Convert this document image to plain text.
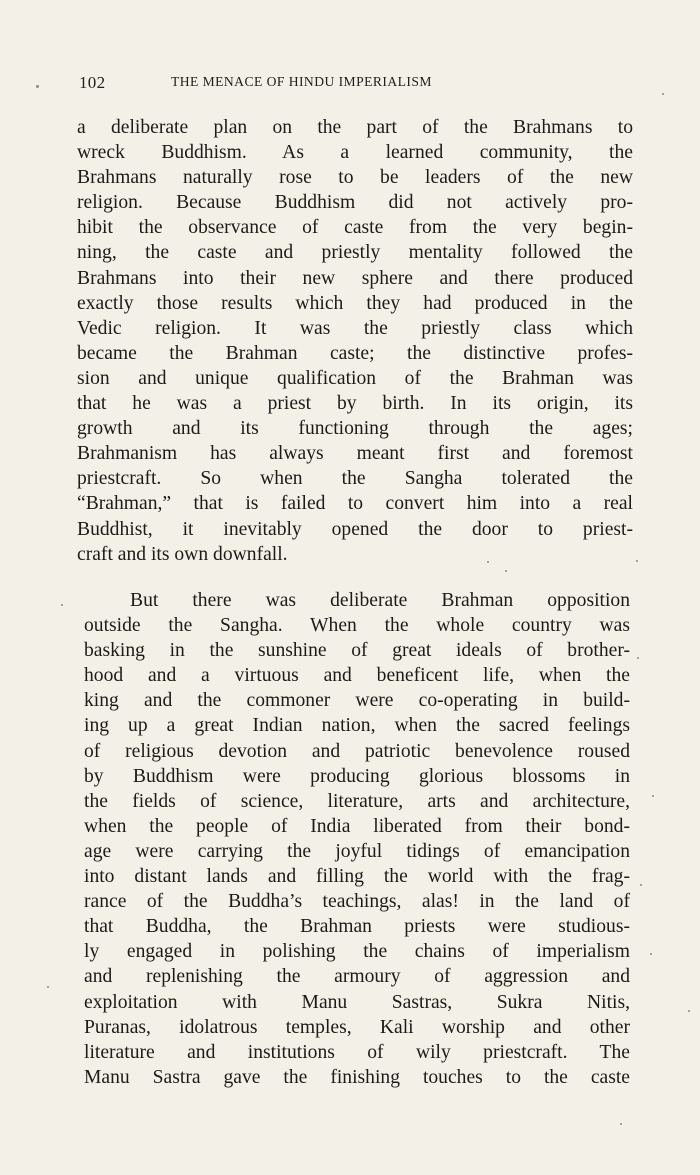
102	THE MENACE OF HINDU IMPERIALISM
a deliberate plan on the part of the Brahmans to
wreck Buddhism. As a learned community, the
Brahmans naturally rose to be leaders of the new
religion. Because Buddhism did not actively pro-
hibit the observance of caste from the very begin-
ning, the caste and priestly mentality followed the
Brahmans into their new sphere and there produced
exactly those results which they had produced in the
Vedic religion. It was the priestly class which
became the Brahman caste; the distinctive profes-
sion and unique qualification of the Brahman was
that he was a priest by birth. In its origin, its
growth and its functioning through the ages;
Brahmanism has always meant first and foremost
priestcraft. So when the Sangha tolerated the
“Brahman,” that is failed to convert him into a real
Buddhist, it inevitably opened the door to priest-
craft and its own downfall.
But there was deliberate Brahman opposition
outside the Sangha. When the whole country was
basking in the sunshine of great ideals of brother-
hood and a virtuous and beneficent life, when the
king and the commoner were co-operating in build-
ing up a great Indian nation, when the sacred feelings
of religious devotion and patriotic benevolence roused
by Buddhism were producing glorious blossoms in
the fields of science, literature, arts and architecture,
when the people of India liberated from their bond-
age were carrying the joyful tidings of emancipation
into distant lands and filling the world with the frag-
rance of the Buddha’s teachings, alas! in the land of
that Buddha, the Brahman priests were studious-
ly engaged in polishing the chains of imperialism
and replenishing the armoury of aggression and
exploitation with Manu Sastras, Sukra Nitis,
Puranas, idolatrous temples, Kali worship and other
literature and institutions of wily priestcraft. The
Manu Sastra gave the finishing touches to the caste
